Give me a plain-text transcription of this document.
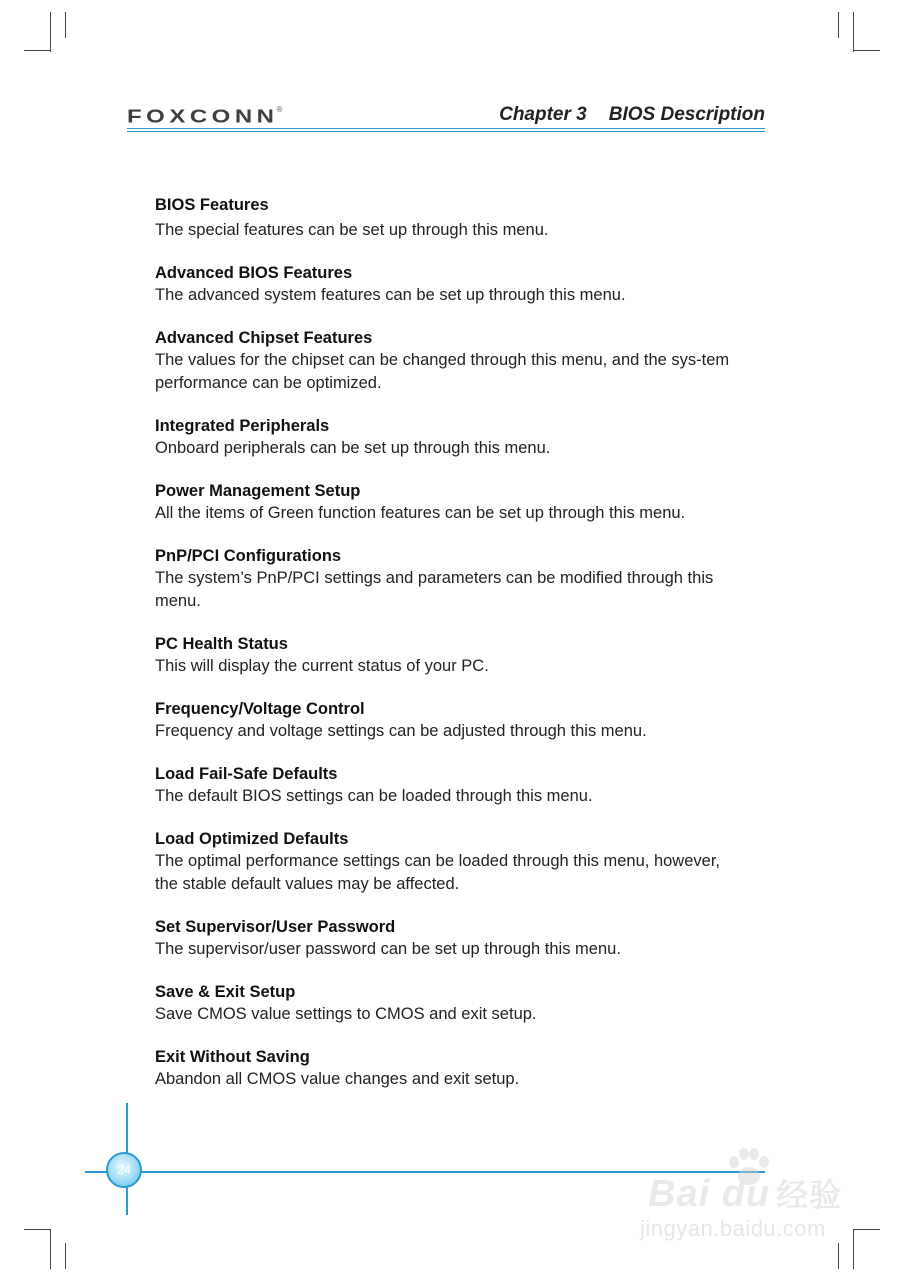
FOXCONN
®	Chapter 3 BIOS Description
BIOS Features
The special features can be set up through this menu.
Advanced BIOS Features
The advanced system features can be set up through this menu.
Advanced Chipset Features
The values for the chipset can be changed through this menu, and the sys-tem performance can be optimized.
Integrated Peripherals
Onboard peripherals can be set up through this menu.
Power Management Setup
All the items of Green function features can be set up through this menu.
PnP/PCI Configurations
The system’s PnP/PCI settings and parameters can be modified through this menu.
PC Health Status
This will display the current status of your PC.
Frequency/Voltage Control
Frequency and voltage settings can be adjusted through this menu.
Load Fail-Safe Defaults
The default BIOS settings can be loaded through this menu.
Load Optimized Defaults
The optimal performance settings can be loaded through this menu, however, the stable default values may be affected.
Set Supervisor/User Password
The supervisor/user password can be set up through this menu.
Save & Exit Setup
Save CMOS value settings to CMOS and exit setup.
Exit Without Saving
Abandon all CMOS value changes and exit setup.
24
Bai du 经验
jingyan.baidu.com
